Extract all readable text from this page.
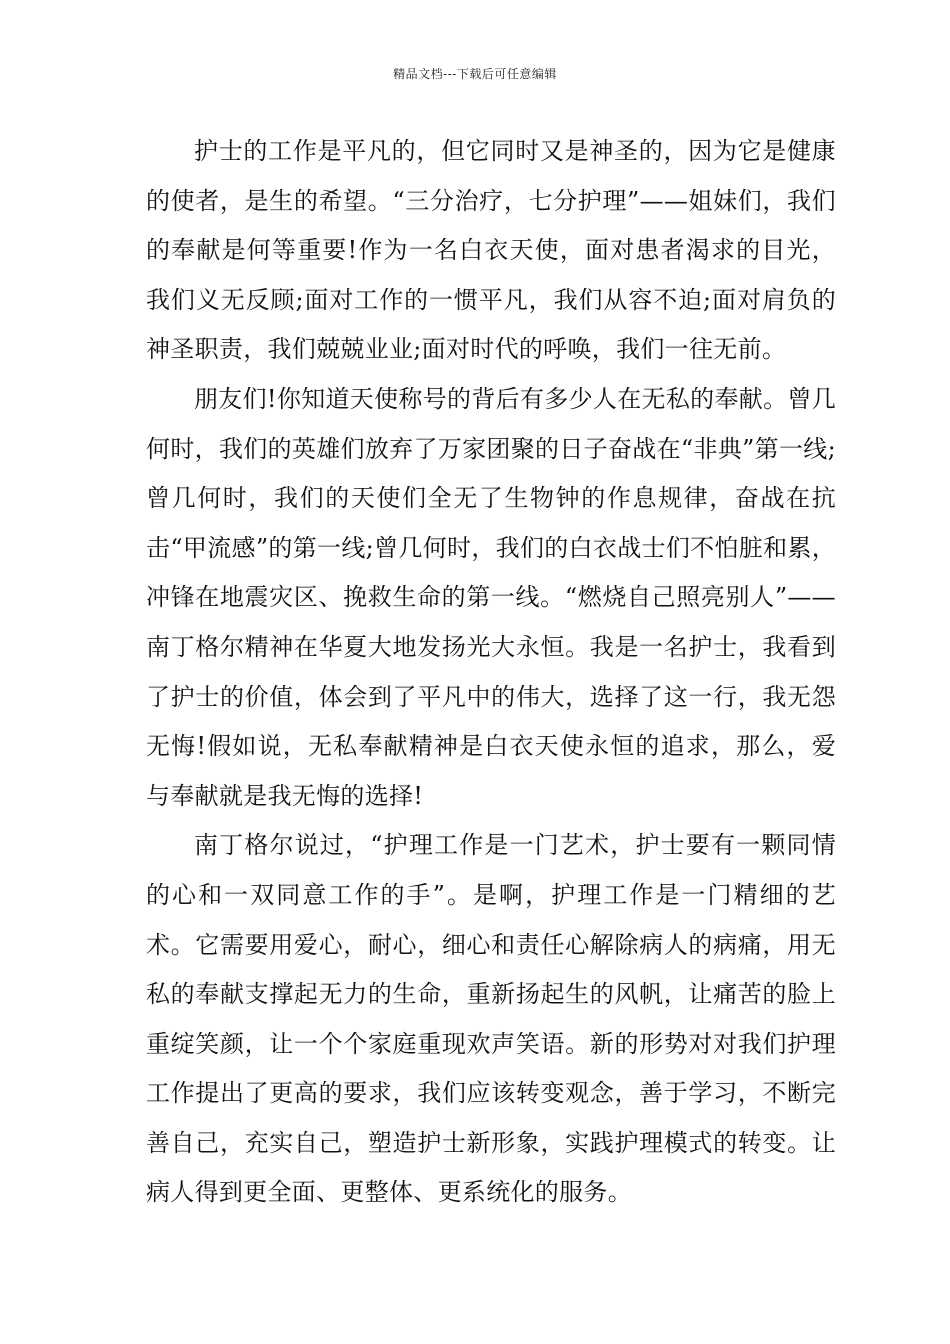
精品文档---下载后可任意编辑

护士的工作是平凡的，但它同时又是神圣的，因为它是健康的使者，是生的希望。“三分治疗，七分护理”——姐妹们，我们的奉献是何等重要!作为一名白衣天使，面对患者渴求的目光，我们义无反顾;面对工作的一惯平凡，我们从容不迫;面对肩负的神圣职责，我们兢兢业业;面对时代的呼唤，我们一往无前。

朋友们!你知道天使称号的背后有多少人在无私的奉献。曾几何时，我们的英雄们放弃了万家团聚的日子奋战在“非典”第一线;曾几何时，我们的天使们全无了生物钟的作息规律，奋战在抗击“甲流感”的第一线;曾几何时，我们的白衣战士们不怕脏和累，冲锋在地震灾区、挽救生命的第一线。“燃烧自己照亮别人”——南丁格尔精神在华夏大地发扬光大永恒。我是一名护士，我看到了护士的价值，体会到了平凡中的伟大，选择了这一行，我无怨无悔!假如说，无私奉献精神是白衣天使永恒的追求，那么，爱与奉献就是我无悔的选择!

南丁格尔说过，“护理工作是一门艺术，护士要有一颗同情的心和一双同意工作的手”。是啊，护理工作是一门精细的艺术。它需要用爱心，耐心，细心和责任心解除病人的病痛，用无私的奉献支撑起无力的生命，重新扬起生的风帆，让痛苦的脸上重绽笑颜，让一个个家庭重现欢声笑语。新的形势对对我们护理工作提出了更高的要求，我们应该转变观念，善于学习，不断完善自己，充实自己，塑造护士新形象，实践护理模式的转变。让病人得到更全面、更整体、更系统化的服务。
